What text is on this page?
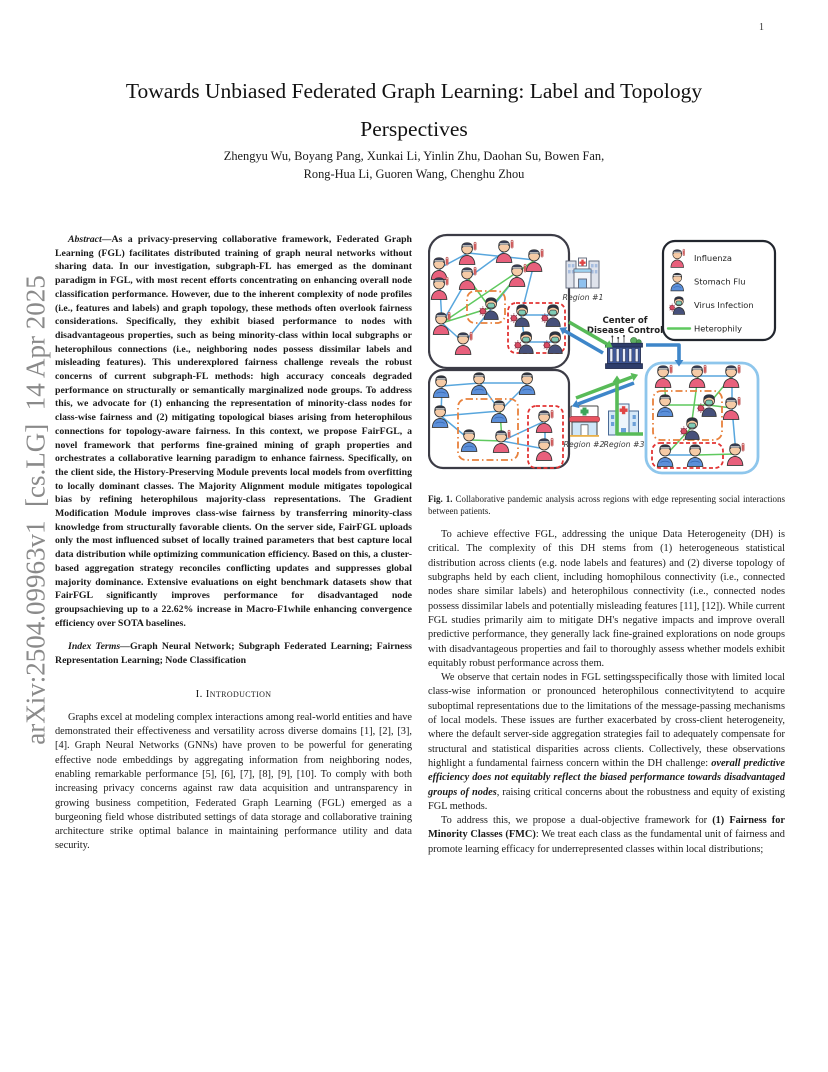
1
arXiv:2504.09963v1  [cs.LG]  14 Apr 2025
Towards Unbiased Federated Graph Learning: Label and Topology
Perspectives
Zhengyu Wu, Boyang Pang, Xunkai Li, Yinlin Zhu, Daohan Su, Bowen Fan,
Rong-Hua Li, Guoren Wang, Chenghu Zhou

Abstract—As a privacy-preserving collaborative framework, Federated Graph Learning (FGL) facilitates distributed training of graph neural networks without sharing data. In our investigation, subgraph-FL has emerged as the dominant paradigm in FGL, with most recent efforts concentrating on enhancing overall node classification performance. However, due to the inherent complexity of node profiles (i.e., features and labels) and graph topology, these methods often overlook fairness considerations. Specifically, they exhibit biased performance to nodes with disadvantageous properties, such as being minority-class within local subgraphs or heterophilous connections (i.e., neighboring nodes possess dissimilar labels and misleading features). This underexplored fairness challenge reveals the robust concerns of current subgraph-FL methods: high accuracy conceals degraded performance on structurally or semantically marginalized node groups. To address this, we advocate for (1) enhancing the representation of minority-class nodes for class-wise fairness and (2) mitigating topological biases arising from heterophilous connections for topology-aware fairness. In this context, we propose FairFGL, a novel framework that performs fine-grained mining of graph properties and orchestrates a collaborative learning paradigm to enhance fairness. Specifically, on the client side, the History-Preserving Module prevents local models from overfitting to locally dominant classes. The Majority Alignment module mitigates topological bias by refining heterophilous majority-class representations. The Gradient Modification Module improves class-wise fairness by transferring minority-class knowledge from structurally favorable clients. On the server side, FairFGL uploads only the most influenced subset of locally trained parameters that best capture local data distribution while optimizing communication efficiency. Based on this, a cluster-based aggregation strategy reconciles conflicting updates and suppresses global majority dominance. Extensive evaluations on eight benchmark datasets show that FairFGL significantly improves performance for disadvantaged node groupsachieving up to a 22.62% increase in Macro-F1while enhancing convergence efficiency over SOTA baselines.

Index Terms—Graph Neural Network; Subgraph Federated Learning; Fairness Representation Learning; Node Classification

I. Introduction

Graphs excel at modeling complex interactions among real-world entities and have demonstrated their effectiveness and versatility across diverse domains [1], [2], [3], [4]. Graph Neural Networks (GNNs) have proven to be powerful for generating effective node embeddings by aggregating information from neighboring nodes, enabling remarkable performance [5], [6], [7], [8], [9], [10]. To comply with both increasing privacy concerns against raw data acquisition and untransparency in growing business competition, Federated Graph Learning (FGL) emerged as a burgeoning field whose distributed settings of data storage and collaborative training architecture strike optimal balance in maintaining performance utility and data security.

Region #1
Region #2
Region #3
Center of
Disease Control
Influenza
Stomach Flu
Virus Infection
Heterophily
Fig. 1. Collaborative pandemic analysis across regions with edge representing social interactions between patients.

To achieve effective FGL, addressing the unique Data Heterogeneity (DH) is critical. The complexity of this DH stems from (1) heterogeneous statistical distribution across clients (e.g. node labels and features) and (2) diverse topology of subgraphs held by each client, including homophilous connectivity (i.e., connected nodes share similar labels) and heterophilous connectivity (i.e., connected nodes possess dissimilar labels and potentially misleading features [11], [12]). While current FGL studies primarily aim to mitigate DH's negative impacts and improve overall predictive performance, they generally lack fine-grained explorations on node groups with disadvantageous properties and fail to thoroughly assess whether models exhibit equitably robust performance across them.

We observe that certain nodes in FGL settingsspecifically those with limited local class-wise information or pronounced heterophilous connectivitytend to acquire suboptimal representations due to the limitations of the message-passing mechanisms of local models. These issues are further exacerbated by cross-client heterogeneity, where the default server-side aggregation strategies fail to adequately compensate for structural and statistical disparities across clients. Collectively, these observations highlight a fundamental fairness concern within the DH challenge: overall predictive efficiency does not equitably reflect the biased performance towards disadvantaged groups of nodes, raising critical concerns about the robustness and equity of existing FGL methods.

To address this, we propose a dual-objective framework for (1) Fairness for Minority Classes (FMC): We treat each class as the fundamental unit of fairness and promote learning efficacy for underrepresented classes within local distributions;
